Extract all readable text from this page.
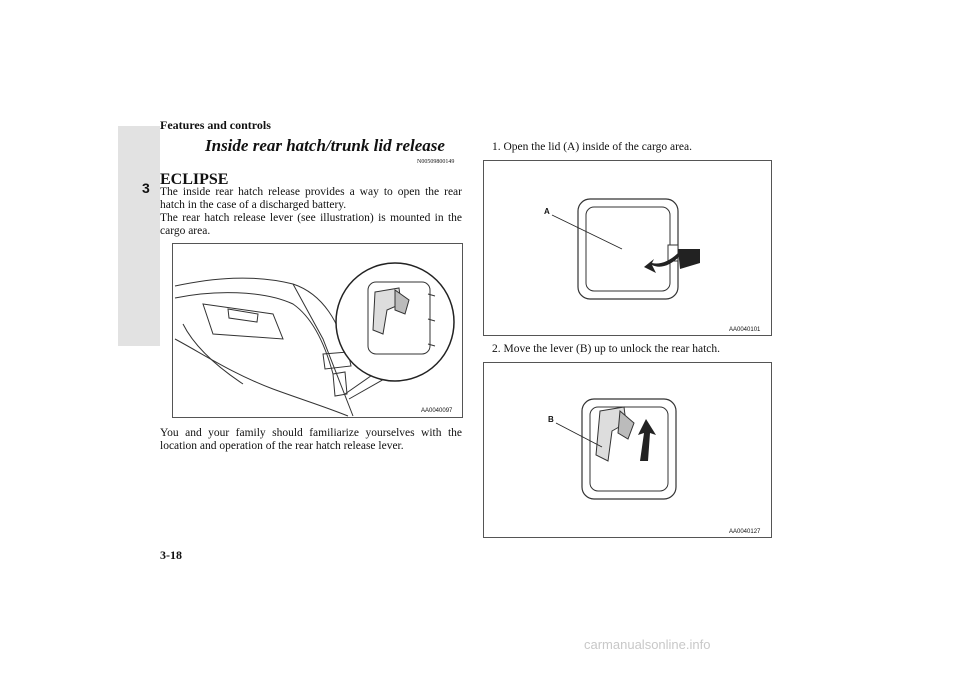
Features and controls
3
Inside rear hatch/trunk lid release
N00509800149
ECLIPSE
The inside rear hatch release provides a way to open the rear hatch in the case of a discharged battery.
The rear hatch release lever (see illustration) is mounted in the cargo area.
AA0040097
You and your family should familiarize yourselves with the location and operation of the rear hatch release lever.
1. Open the lid (A) inside of the cargo area.
A
AA0040101
2. Move the lever (B) up to unlock the rear hatch.
B
AA0040127
3-18
carmanualsonline.info
